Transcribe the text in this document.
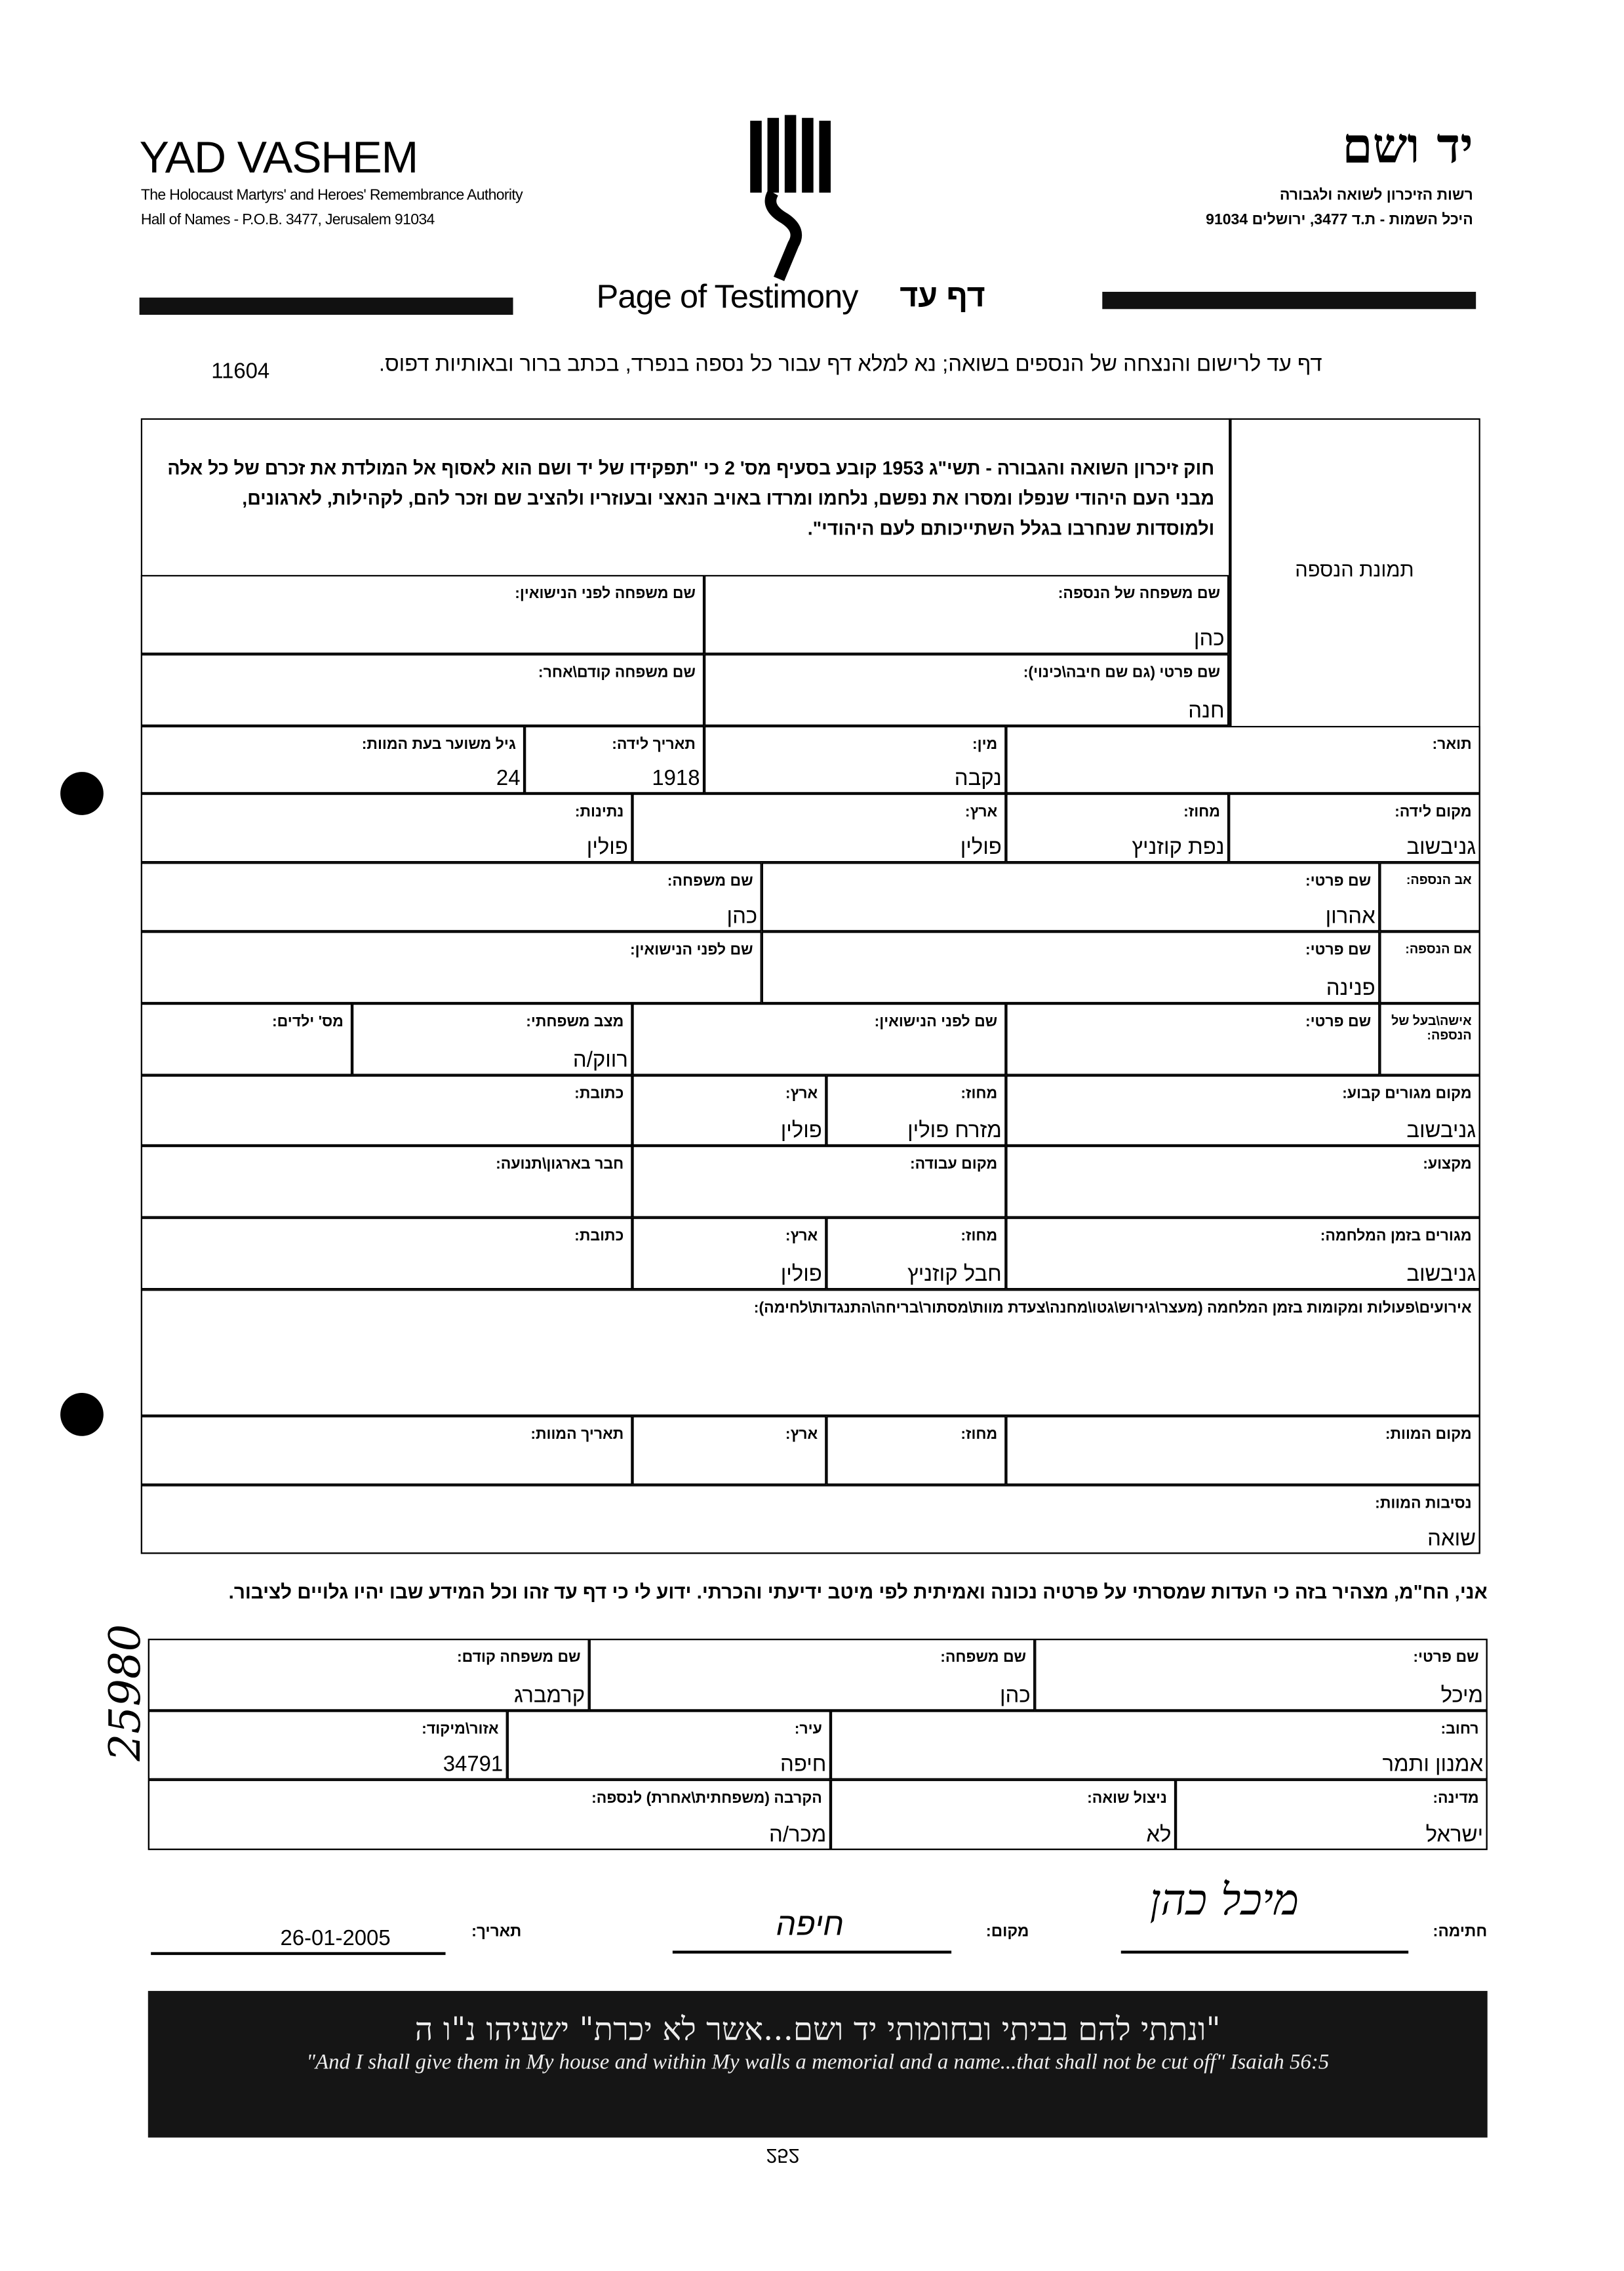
YAD VASHEM
The Holocaust Martyrs' and Heroes' Remembrance Authority
Hall of Names - P.O.B. 3477, Jerusalem 91034
יד ושם
רשות הזיכרון לשואה ולגבורה
היכל השמות - ת.ד 3477, ירושלים 91034
Page of Testimony	דף עד
דף עד לרישום והנצחה של הנספים בשואה; נא למלא דף עבור כל נספה בנפרד, בכתב ברור ובאותיות דפוס.
11604
חוק זיכרון השואה והגבורה - תשי"ג 1953 קובע בסעיף מס' 2 כי "תפקידו של יד ושם הוא לאסוף אל המולדת את זכרם של כל אלה מבני העם היהודי שנפלו ומסרו את נפשם, נלחמו ומרדו באויב הנאצי ובעוזריו ולהציב שם וזכר להם, לקהילות, לארגונים, ולמוסדות שנחרבו בגלל השתייכותם לעם היהודי".
תמונת הנספה
שם משפחה של הנספה:
כהן
שם משפחה לפני הנישואין:
שם פרטי (גם שם חיבה\כינוי):
חנה
שם משפחה קודם\אחר:
תואר:
מין:
נקבה
תאריך לידה:
1918
גיל משוער בעת המוות:
24
מקום לידה:
גניבשוב
מחוז:
נפת קוזניץ
ארץ:
פולין
נתינות:
פולין
אב הנספה:
שם פרטי:
אהרון
שם משפחה:
כהן
אם הנספה:
שם פרטי:
פנינה
שם לפני הנישואין:
אישה\בעל של הנספה:
שם פרטי:
שם לפני הנישואין:
מצב משפחתי:
רווק/ה
מס' ילדים:
מקום מגורים קבוע:
גניבשוב
מחוז:
מזרח פולין
ארץ:
פולין
כתובת:
מקצוע:
מקום עבודה:
חבר בארגון\תנועה:
מגורים בזמן המלחמה:
גניבשוב
מחוז:
חבל קוזניץ
ארץ:
פולין
כתובת:
אירועים\פעולות ומקומות בזמן המלחמה (מעצר\גירוש\גטו\מחנה\צעדת מוות\מסתור\בריחה\התנגדות\לחימה):
מקום המוות:
מחוז:
ארץ:
תאריך המוות:
נסיבות המוות:
שואה
אני, הח"מ, מצהיר בזה כי העדות שמסרתי על פרטיה נכונה ואמיתית לפי מיטב ידיעתי והכרתי. ידוע לי כי דף עד זהו וכל המידע שבו יהיו גלויים לציבור.
שם פרטי:
מיכל
שם משפחה:
כהן
שם משפחה קודם:
קרמברג
רחוב:
אמנון ותמר
עיר:
חיפה
אזור\מיקוד:
34791
מדינה:
ישראל
ניצול שואה:
לא
הקרבה (משפחתית\אחרת) לנספה:
מכר/ה
חתימה:
מיכל כהן
מקום:
חיפה
תאריך:
26-01-2005
"ונתתי להם בביתי ובחומותי יד ושם...אשר לא יכרת" ישעיהו נ"ו ה
"And I shall give them in My house and within My walls a memorial and a name...that shall not be cut off" Isaiah 56:5
25980
252
